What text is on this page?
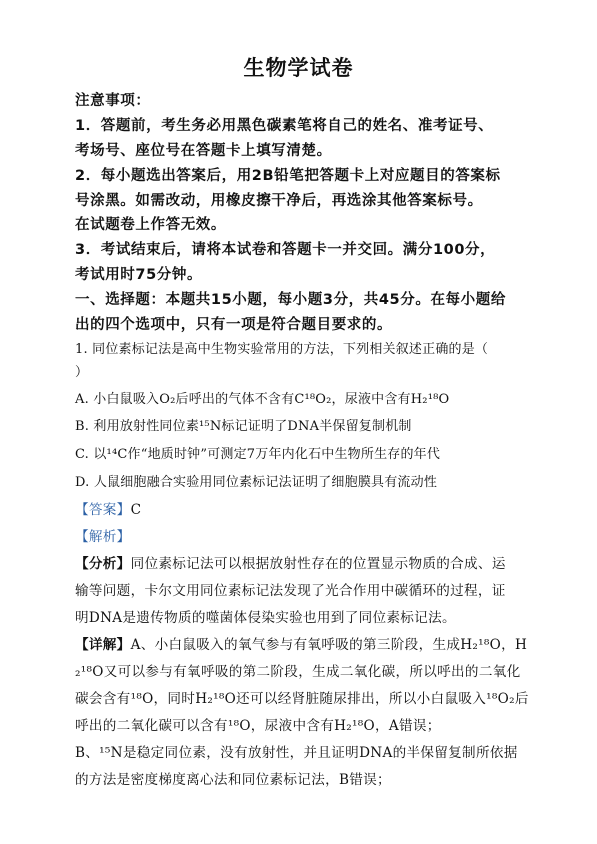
生物学试卷
注意事项：
1．答题前，考生务必用黑色碳素笔将自己的姓名、准考证号、
考场号、座位号在答题卡上填写清楚。
2．每小题选出答案后，用2B铅笔把答题卡上对应题目的答案标
号涂黑。如需改动，用橡皮擦干净后，再选涂其他答案标号。
在试题卷上作答无效。
3．考试结束后，请将本试卷和答题卡一并交回。满分100分，
考试用时75分钟。
一、选择题：本题共15小题，每小题3分，共45分。在每小题给
出的四个选项中，只有一项是符合题目要求的。
1. 同位素标记法是高中生物实验常用的方法，下列相关叙述正确的是（
）
A. 小白鼠吸入O₂后呼出的气体不含有C¹⁸O₂，尿液中含有H₂¹⁸O
B. 利用放射性同位素¹⁵N标记证明了DNA半保留复制机制
C. 以¹⁴C作“地质时钟”可测定7万年内化石中生物所生存的年代
D. 人鼠细胞融合实验用同位素标记法证明了细胞膜具有流动性
【答案】C
【解析】
【分析】同位素标记法可以根据放射性存在的位置显示物质的合成、运
输等问题，卡尔文用同位素标记法发现了光合作用中碳循环的过程，证
明DNA是遗传物质的噬菌体侵染实验也用到了同位素标记法。
【详解】A、小白鼠吸入的氧气参与有氧呼吸的第三阶段，生成H₂¹⁸O，H
₂¹⁸O又可以参与有氧呼吸的第二阶段，生成二氧化碳，所以呼出的二氧化
碳会含有¹⁸O，同时H₂¹⁸O还可以经肾脏随尿排出，所以小白鼠吸入¹⁸O₂后
呼出的二氧化碳可以含有¹⁸O，尿液中含有H₂¹⁸O，A错误；
B、¹⁵N是稳定同位素，没有放射性，并且证明DNA的半保留复制所依据
的方法是密度梯度离心法和同位素标记法，B错误；
